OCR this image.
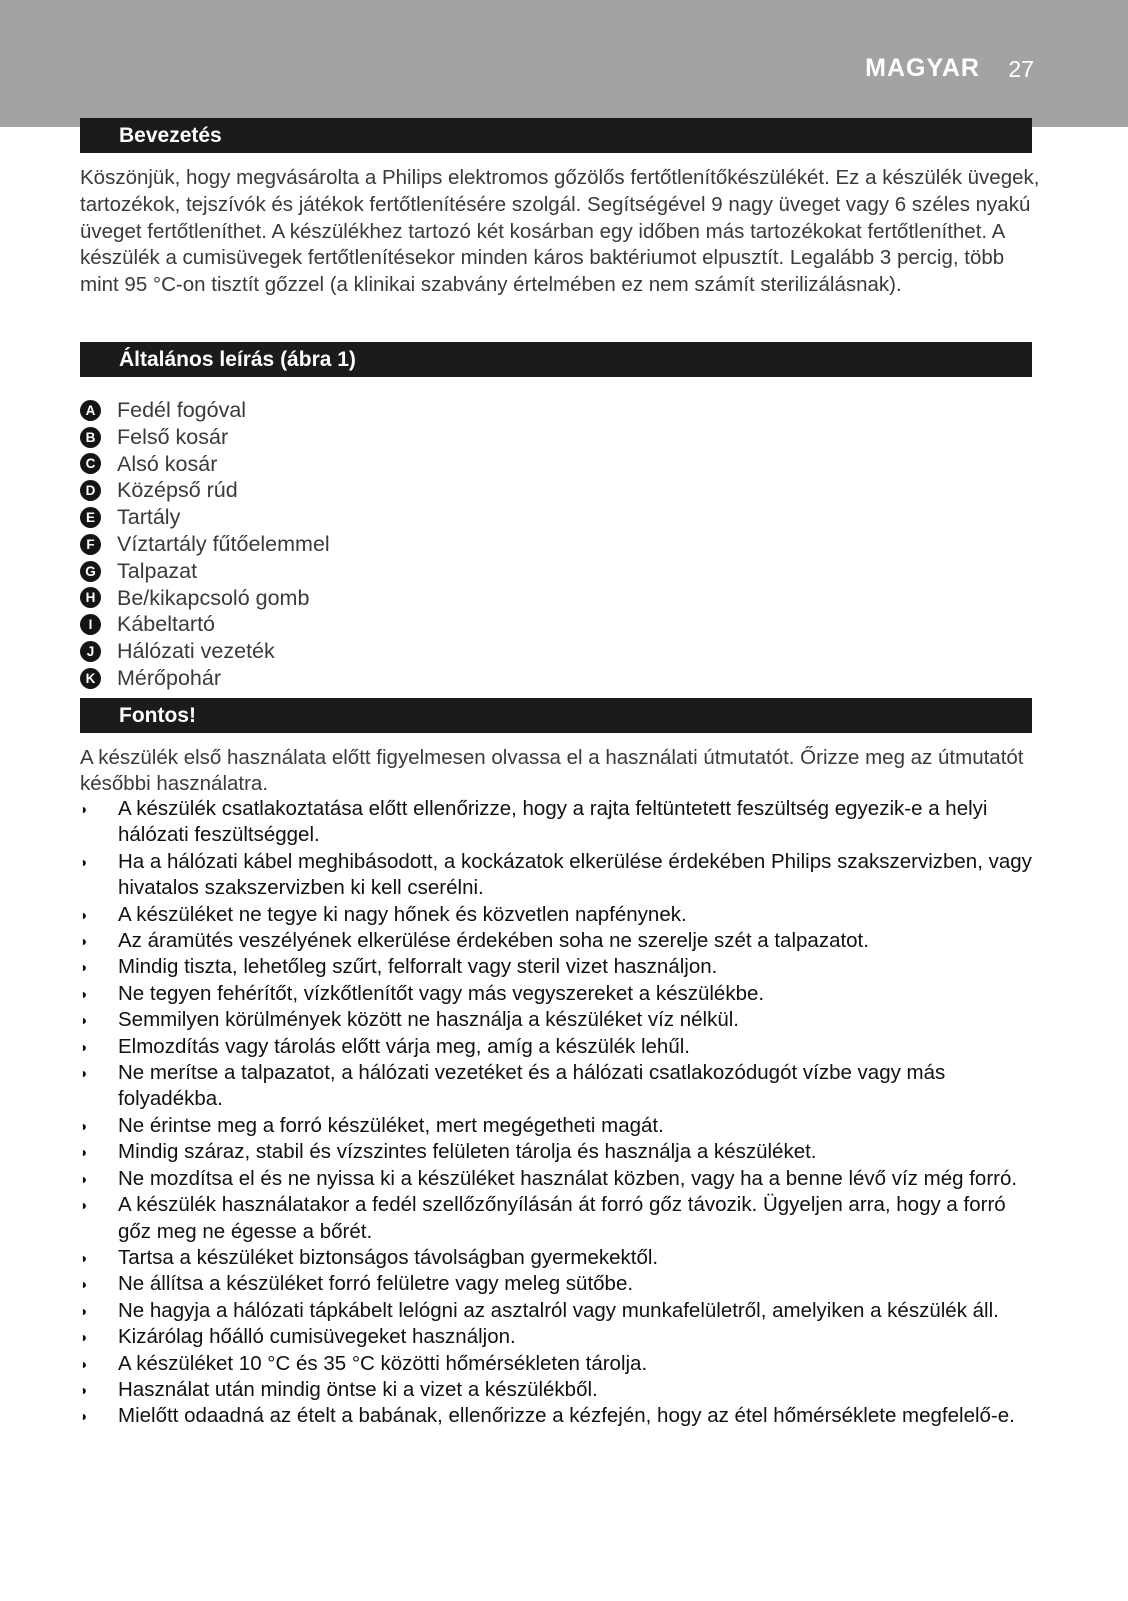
MAGYAR 27
Bevezetés
Köszönjük, hogy megvásárolta a Philips elektromos gőzölős fertőtlenítőkészülékét. Ez a készülék üvegek, tartozékok, tejszívók és játékok fertőtlenítésére szolgál. Segítségével 9 nagy üveget vagy 6 széles nyakú üveget fertőtleníthet. A készülékhez tartozó két kosárban egy időben más tartozékokat fertőtleníthet. A készülék a cumisüvegek fertőtlenítésekor minden káros baktériumot elpusztít. Legalább 3 percig, több mint 95 °C-on tisztít gőzzel (a klinikai szabvány értelmében ez nem számít sterilizálásnak).
Általános leírás (ábra 1)
A Fedél fogóval
B Felső kosár
C Alsó kosár
D Középső rúd
E Tartály
F Víztartály fűtőelemmel
G Talpazat
H Be/kikapcsoló gomb
I	Kábeltartó
J	Hálózati vezeték
K Mérőpohár
Fontos!
A készülék első használata előtt figyelmesen olvassa el a használati útmutatót. Őrizze meg az útmutatót későbbi használatra.
◗ A készülék csatlakoztatása előtt ellenőrizze, hogy a rajta feltüntetett feszültség egyezik-e a helyi hálózati feszültséggel.
◗ Ha a hálózati kábel meghibásodott, a kockázatok elkerülése érdekében Philips szakszervizben, vagy hivatalos szakszervizben ki kell cserélni.
◗ A készüléket ne tegye ki nagy hőnek és közvetlen napfénynek.
◗ Az áramütés veszélyének elkerülése érdekében soha ne szerelje szét a talpazatot.
◗ Mindig tiszta, lehetőleg szűrt, felforralt vagy steril vizet használjon.
◗ Ne tegyen fehérítőt, vízkőtlenítőt vagy más vegyszereket a készülékbe.
◗ Semmilyen körülmények között ne használja a készüléket víz nélkül.
◗ Elmozdítás vagy tárolás előtt várja meg, amíg a készülék lehűl.
◗ Ne merítse a talpazatot, a hálózati vezetéket és a hálózati csatlakozódugót vízbe vagy más folyadékba.
◗ Ne érintse meg a forró készüléket, mert megégetheti magát.
◗ Mindig száraz, stabil és vízszintes felületen tárolja és használja a készüléket.
◗ Ne mozdítsa el és ne nyissa ki a készüléket használat közben, vagy ha a benne lévő víz még forró.
◗ A készülék használatakor a fedél szellőzőnyílásán át forró gőz távozik. Ügyeljen arra, hogy a forró gőz meg ne égesse a bőrét.
◗ Tartsa a készüléket biztonságos távolságban gyermekektől.
◗ Ne állítsa a készüléket forró felületre vagy meleg sütőbe.
◗ Ne hagyja a hálózati tápkábelt lelógni az asztalról vagy munkafelületről, amelyiken a készülék áll.
◗ Kizárólag hőálló cumisüvegeket használjon.
◗ A készüléket 10 °C és 35 °C közötti hőmérsékleten tárolja.
◗ Használat után mindig öntse ki a vizet a készülékből.
◗ Mielőtt odaadná az ételt a babának, ellenőrizze a kézfején, hogy az étel hőmérséklete megfelelő-e.
